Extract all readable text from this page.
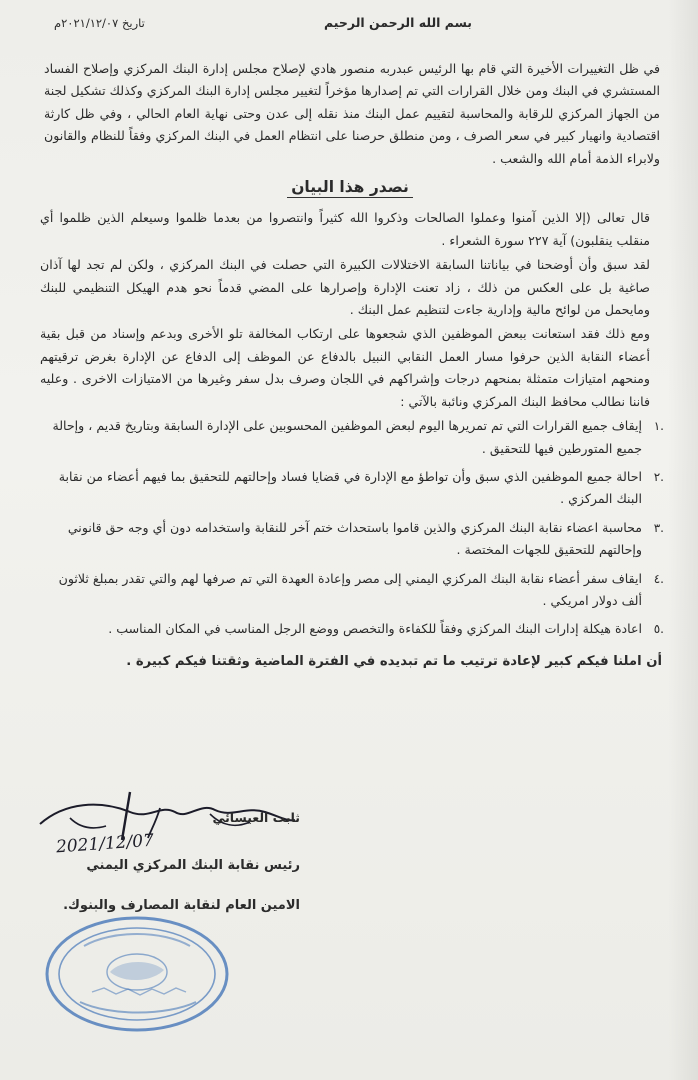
بسم الله الرحمن الرحيم
تاريخ ٢٠٢١/١٢/٠٧م

في ظل التغييرات الأخيرة التي قام بها الرئيس عبدربه منصور هادي لإصلاح مجلس إدارة البنك المركزي وإصلاح الفساد المستشري في البنك ومن خلال القرارات التي تم إصدارها مؤخراً لتغيير مجلس إدارة البنك المركزي وكذلك تشكيل لجنة من الجهاز المركزي للرقابة والمحاسبة لتقييم عمل البنك منذ نقله إلى عدن وحتى نهاية العام الحالي ، وفي ظل كارثة اقتصادية وانهيار كبير في سعر الصرف ، ومن منطلق حرصنا على انتظام العمل في البنك المركزي وفقاً للنظام والقانون ولابراء الذمة أمام الله والشعب .

نصدر هذا البيان

قال تعالى (إلا الذين آمنوا وعملوا الصالحات وذكروا الله كثيراً وانتصروا من بعدما ظلموا وسيعلم الذين ظلموا أي منقلب ينقلبون) آية ٢٢٧ سورة الشعراء .

لقد سبق وأن أوضحنا في بياناتنا السابقة الاختلالات الكبيرة التي حصلت في البنك المركزي ، ولكن لم تجد لها آذان صاغية بل على العكس من ذلك ، زاد تعنت الإدارة وإصرارها على المضي قدماً نحو هدم الهيكل التنظيمي للبنك ومايحمل من لوائح مالية وإدارية جاءت لتنظيم عمل البنك .

ومع ذلك فقد استعانت ببعض الموظفين الذي شجعوها على ارتكاب المخالفة تلو الأخرى وبدعم وإسناد من قبل بقية أعضاء النقابة الذين حرفوا مسار العمل النقابي النبيل بالدفاع عن الموظف إلى الدفاع عن الإدارة بغرض ترقيتهم ومنحهم امتيازات متمثلة بمنحهم درجات وإشراكهم في اللجان وصرف بدل سفر وغيرها من الامتيازات الاخرى . وعليه فاننا نطالب محافظ البنك المركزي ونائبة بالآتي :

.١
إيقاف جميع القرارات التي تم تمريرها اليوم لبعض الموظفين المحسوبين على الإدارة السابقة وبتاريخ قديم ، وإحالة جميع المتورطين فيها للتحقيق .
.٢
احالة جميع الموظفين الذي سبق وأن تواطؤ مع الإدارة في قضايا فساد وإحالتهم للتحقيق بما فيهم أعضاء من نقابة البنك المركزي .
.٣
محاسبة اعضاء نقابة البنك المركزي والذين قاموا باستحداث ختم آخر للنقابة واستخدامه دون أي وجه حق قانوني وإحالتهم للتحقيق للجهات المختصة .
.٤
ايقاف سفر أعضاء نقابة البنك المركزي اليمني إلى مصر وإعادة العهدة التي تم صرفها لهم والتي تقدر بمبلغ ثلاثون ألف دولار امريكي .
.٥
اعادة هيكلة إدارات البنك المركزي وفقاً للكفاءة والتخصص ووضع الرجل المناسب في المكان المناسب .

أن املنا فيكم كبير لإعادة ترتيب ما تم تبديده في الفترة الماضية وثقتنا فيكم كبيرة .

ثابت العيسائي
2021/12/07
رئيس نقابة البنك المركزي اليمني
الامين العام لنقابة المصارف والبنوك.
